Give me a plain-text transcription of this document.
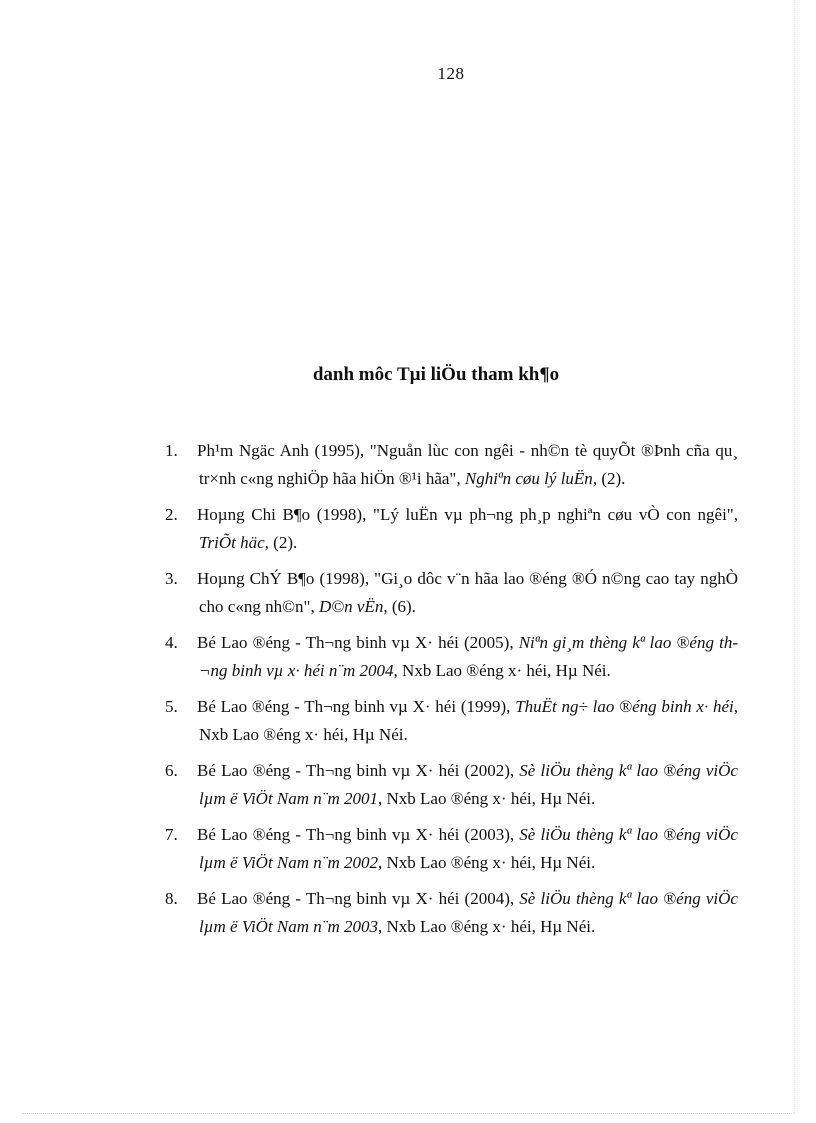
128
danh môc Tµi liÖu tham kh¶o
1. Ph¹m Ngäc Anh (1995), "Nguån lùc con ngêi - nh©n tè quyÕt ®Þnh cña qu¸ tr×nh c«ng nghiÖp hãa hiÖn ®¹i hãa", Nghiªn cøu lý luËn, (2).
2. Hoµng Chi B¶o (1998), "Lý luËn vµ ph¬ng ph¸p nghiªn cøu vÒ con ngêi", TriÕt häc, (2).
3. Hoµng ChÝ B¶o (1998), "Gi¸o dôc v¨n hãa lao ®éng ®Ó n©ng cao tay nghÒ cho c«ng nh©n", D©n vËn, (6).
4. Bé Lao ®éng - Th¬ng binh vµ X· héi (2005), Niªn gi¸m thèng kª lao ®éng th¬ng binh vµ x· héi n¨m 2004, Nxb Lao ®éng x· héi, Hµ Néi.
5. Bé Lao ®éng - Th¬ng binh vµ X· héi (1999), ThuËt ng÷ lao ®éng binh x· héi, Nxb Lao ®éng x· héi, Hµ Néi.
6. Bé Lao ®éng - Th¬ng binh vµ X· héi (2002), Sè liÖu thèng kª lao ®éng viÖc lµm ë ViÖt Nam n¨m 2001, Nxb Lao ®éng x· héi, Hµ Néi.
7. Bé Lao ®éng - Th¬ng binh vµ X· héi (2003), Sè liÖu thèng kª lao ®éng viÖc lµm ë ViÖt Nam n¨m 2002, Nxb Lao ®éng x· héi, Hµ Néi.
8. Bé Lao ®éng - Th¬ng binh vµ X· héi (2004), Sè liÖu thèng kª lao ®éng viÖc lµm ë ViÖt Nam n¨m 2003, Nxb Lao ®éng x· héi, Hµ Néi.
